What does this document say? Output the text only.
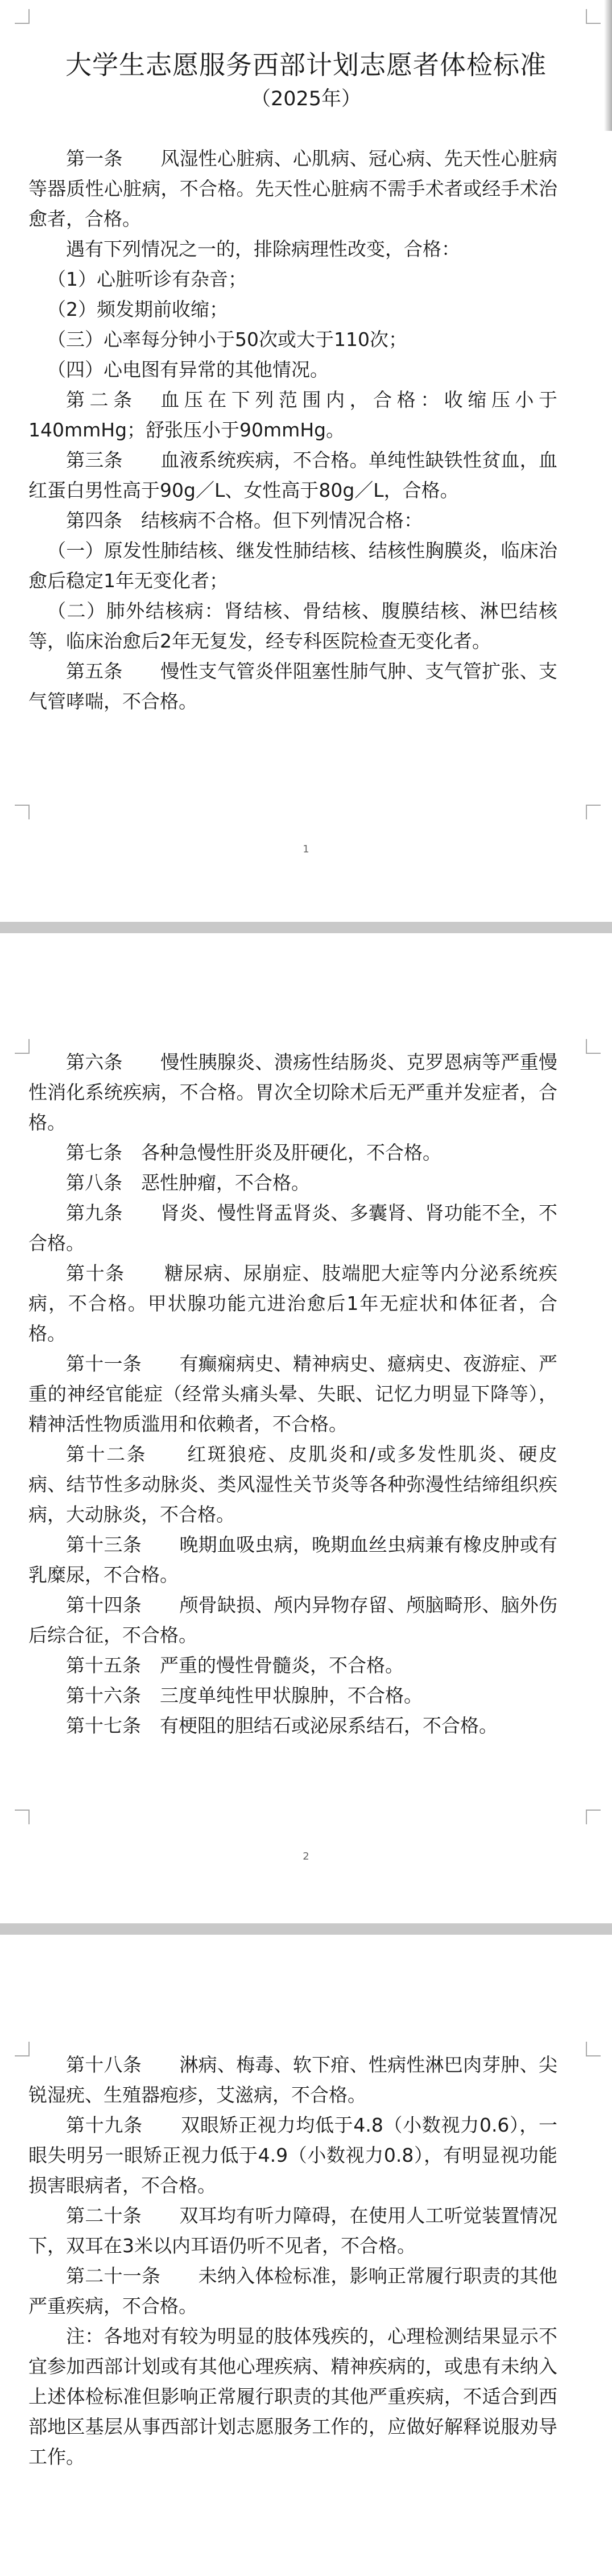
大学生志愿服务西部计划志愿者体检标准
（2025年）

第一条　　风湿性心脏病、心肌病、冠心病、先天性心脏病等器质性心脏病，不合格。先天性心脏病不需手术者或经手术治愈者，合格。

遇有下列情况之一的，排除病理性改变，合格：

（1）心脏听诊有杂音；

（2）频发期前收缩；

（三）心率每分钟小于50次或大于110次；

（四）心电图有异常的其他情况。

第二条　血压在下列范围内，合格：收缩压小于140mmHg；舒张压小于90mmHg。

第三条　　血液系统疾病，不合格。单纯性缺铁性贫血，血红蛋白男性高于90g／L、女性高于80g／L，合格。

第四条　结核病不合格。但下列情况合格：

（一）原发性肺结核、继发性肺结核、结核性胸膜炎，临床治愈后稳定1年无变化者；

（二）肺外结核病：肾结核、骨结核、腹膜结核、淋巴结核等，临床治愈后2年无复发，经专科医院检查无变化者。

第五条　　慢性支气管炎伴阻塞性肺气肿、支气管扩张、支气管哮喘，不合格。

1

第六条　　慢性胰腺炎、溃疡性结肠炎、克罗恩病等严重慢性消化系统疾病，不合格。胃次全切除术后无严重并发症者，合格。

第七条　各种急慢性肝炎及肝硬化，不合格。

第八条　恶性肿瘤，不合格。

第九条　　肾炎、慢性肾盂肾炎、多囊肾、肾功能不全，不合格。

第十条　　糖尿病、尿崩症、肢端肥大症等内分泌系统疾病，不合格。甲状腺功能亢进治愈后1年无症状和体征者，合格。

第十一条　　有癫痫病史、精神病史、癔病史、夜游症、严重的神经官能症（经常头痛头晕、失眠、记忆力明显下降等），精神活性物质滥用和依赖者，不合格。

第十二条　　红斑狼疮、皮肌炎和/或多发性肌炎、硬皮病、结节性多动脉炎、类风湿性关节炎等各种弥漫性结缔组织疾病，大动脉炎，不合格。

第十三条　　晚期血吸虫病，晚期血丝虫病兼有橡皮肿或有乳糜尿，不合格。

第十四条　　颅骨缺损、颅内异物存留、颅脑畸形、脑外伤后综合征，不合格。

第十五条　严重的慢性骨髓炎，不合格。

第十六条　三度单纯性甲状腺肿，不合格。

第十七条　有梗阻的胆结石或泌尿系结石，不合格。

2

第十八条　　淋病、梅毒、软下疳、性病性淋巴肉芽肿、尖锐湿疣、生殖器疱疹，艾滋病，不合格。

第十九条　　双眼矫正视力均低于4.8（小数视力0.6），一眼失明另一眼矫正视力低于4.9（小数视力0.8），有明显视功能损害眼病者，不合格。

第二十条　　双耳均有听力障碍，在使用人工听觉装置情况下，双耳在3米以内耳语仍听不见者，不合格。

第二十一条　　未纳入体检标准，影响正常履行职责的其他严重疾病，不合格。

注：各地对有较为明显的肢体残疾的，心理检测结果显示不宜参加西部计划或有其他心理疾病、精神疾病的，或患有未纳入上述体检标准但影响正常履行职责的其他严重疾病，不适合到西部地区基层从事西部计划志愿服务工作的，应做好解释说服劝导工作。
